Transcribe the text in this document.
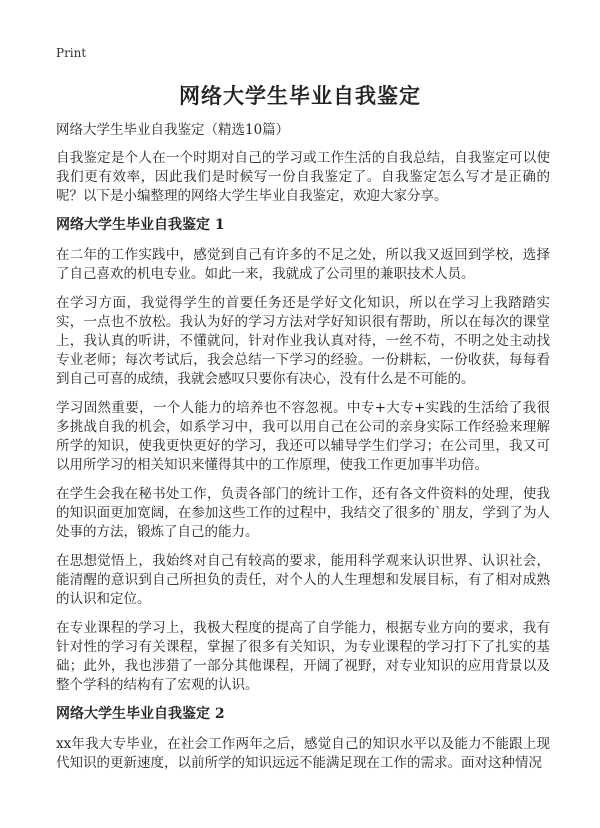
Print
网络大学生毕业自我鉴定

网络大学生毕业自我鉴定（精选10篇）

自我鉴定是个人在一个时期对自己的学习或工作生活的自我总结，自我鉴定可以使我们更有效率，因此我们是时候写一份自我鉴定了。自我鉴定怎么写才是正确的呢？以下是小编整理的网络大学生毕业自我鉴定，欢迎大家分享。

网络大学生毕业自我鉴定 1

在二年的工作实践中，感觉到自己有许多的不足之处，所以我又返回到学校，选择了自己喜欢的机电专业。如此一来，我就成了公司里的兼职技术人员。

在学习方面，我觉得学生的首要任务还是学好文化知识，所以在学习上我踏踏实实，一点也不放松。我认为好的学习方法对学好知识很有帮助，所以在每次的课堂上，我认真的听讲，不懂就问，针对作业我认真对待，一丝不苟，不明之处主动找专业老师；每次考试后，我会总结一下学习的经验。一份耕耘，一份收获，每每看到自己可喜的成绩，我就会感叹只要你有决心，没有什么是不可能的。

学习固然重要，一个人能力的培养也不容忽视。中专+大专+实践的生活给了我很多挑战自我的机会，如系学习中，我可以用自己在公司的亲身实际工作经验来理解所学的知识，使我更快更好的学习，我还可以辅导学生们学习；在公司里，我又可以用所学习的相关知识来懂得其中的工作原理，使我工作更加事半功倍。

在学生会我在秘书处工作，负责各部门的统计工作，还有各文件资料的处理，使我的知识面更加宽阔，在参加这些工作的过程中，我结交了很多的`朋友，学到了为人处事的方法，锻炼了自己的能力。

在思想觉悟上，我始终对自己有较高的要求，能用科学观来认识世界、认识社会，能清醒的意识到自己所担负的责任，对个人的人生理想和发展目标，有了相对成熟的认识和定位。

在专业课程的学习上，我极大程度的提高了自学能力，根据专业方向的要求，我有针对性的学习有关课程，掌握了很多有关知识，为专业课程的学习打下了扎实的基础；此外，我也涉猎了一部分其他课程，开阔了视野，对专业知识的应用背景以及整个学科的结构有了宏观的认识。

网络大学生毕业自我鉴定 2

xx年我大专毕业，在社会工作两年之后，感觉自己的知识水平以及能力不能跟上现代知识的更新速度，以前所学的知识远远不能满足现在工作的需求。面对这种情况
